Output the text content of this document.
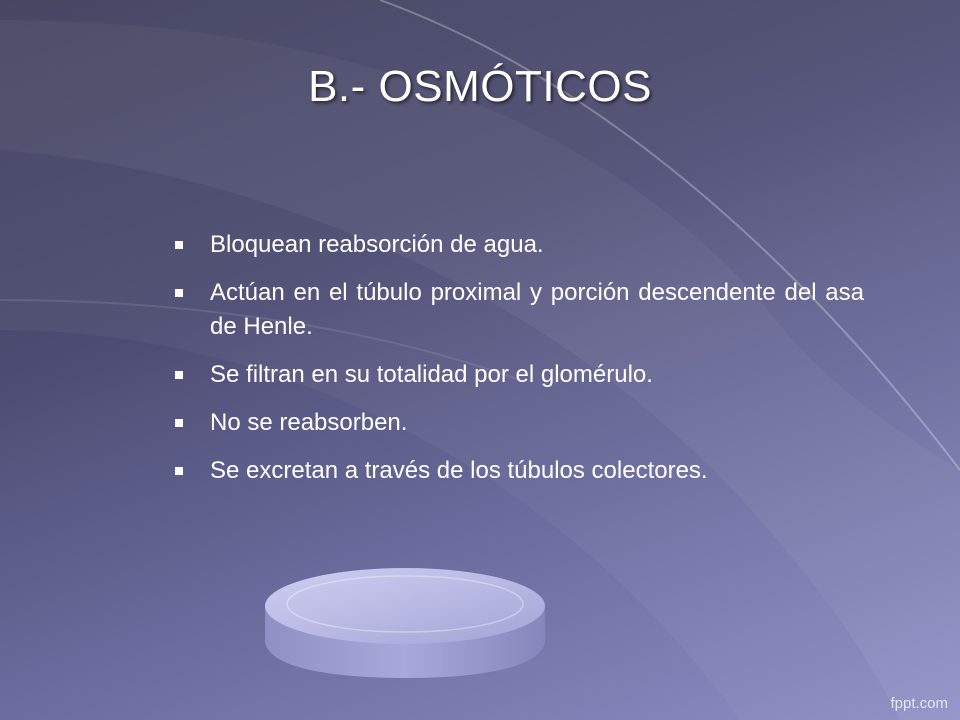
B.- OSMÓTICOS
Bloquean reabsorción de agua.
Actúan en el túbulo proximal y porción descendente del asa de Henle.
Se filtran en su totalidad por el glomérulo.
No se reabsorben.
Se excretan a través de los túbulos colectores.
fppt.com
